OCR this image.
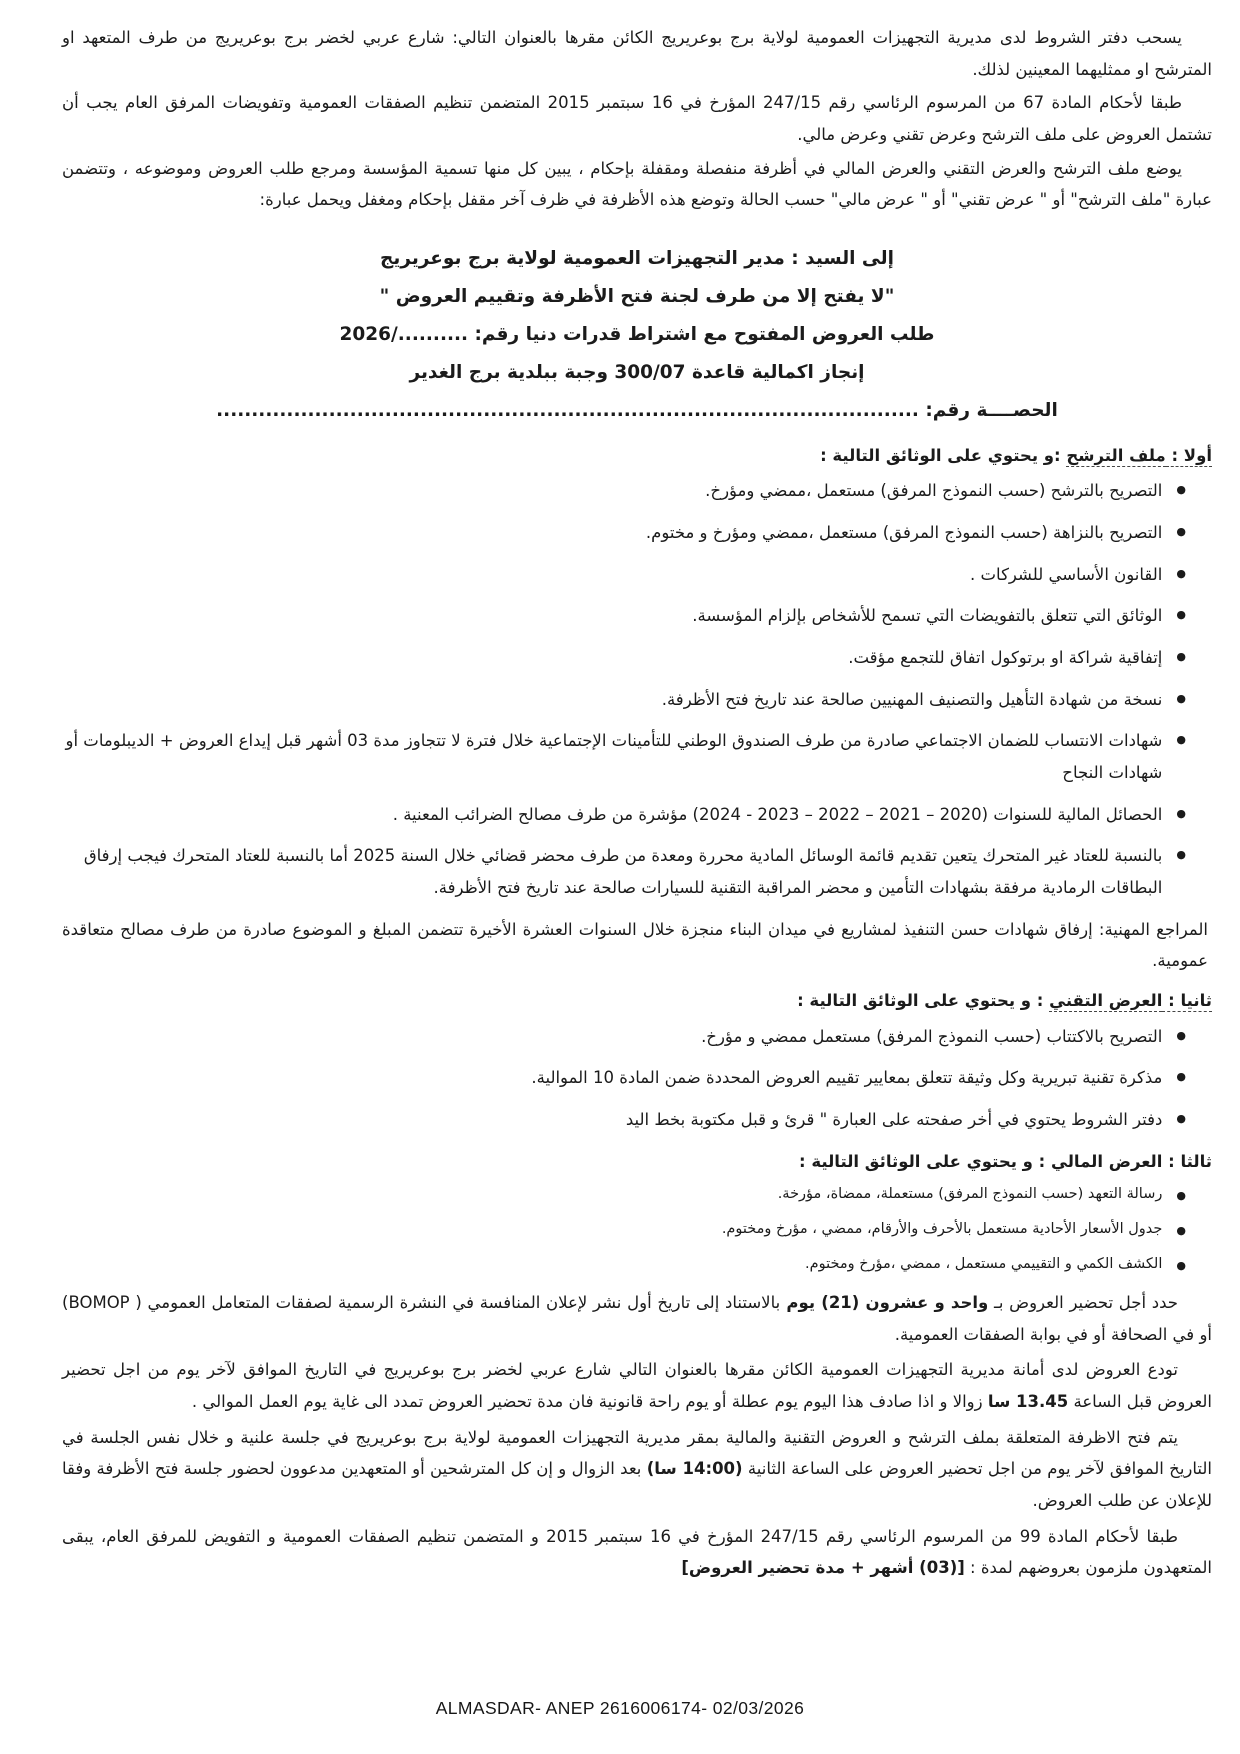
يسحب دفتر الشروط لدى مديرية التجهيزات العمومية لولاية برج بوعريريج الكائن مقرها بالعنوان التالي: شارع عربي لخضر برج بوعريريج من طرف المتعهد او المترشح او ممثليهما المعينين لذلك.

طبقا لأحكام المادة 67 من المرسوم الرئاسي رقم 247/15 المؤرخ في 16 سبتمبر 2015 المتضمن تنظيم الصفقات العمومية وتفويضات المرفق العام يجب أن تشتمل العروض على ملف الترشح وعرض تقني وعرض مالي.

يوضع ملف الترشح والعرض التقني والعرض المالي في أظرفة منفصلة ومقفلة بإحكام ، يبين كل منها تسمية المؤسسة ومرجع طلب العروض وموضوعه ، وتتضمن عبارة "ملف الترشح" أو " عرض تقني" أو " عرض مالي" حسب الحالة وتوضع هذه الأظرفة في ظرف آخر مقفل بإحكام ومغفل ويحمل عبارة:

إلى السيد : مدير التجهيزات العمومية لولاية برج بوعريريج
"لا يفتح إلا من طرف لجنة فتح الأظرفة وتقييم العروض "
طلب العروض المفتوح مع اشتراط قدرات دنيا رقم: ........../2026
إنجاز اكمالية قاعدة 300/07 وجبة ببلدية برج الغدير
الحصــــة رقم: ....................................................................................................
أولا : ملف الترشح :و يحتوي على الوثائق التالية :
●
التصريح بالترشح (حسب النموذج المرفق) مستعمل ،ممضي ومؤرخ.
●
التصريح بالنزاهة (حسب النموذج المرفق) مستعمل ،ممضي ومؤرخ و مختوم.
●
القانون الأساسي للشركات .
●
الوثائق التي تتعلق بالتفويضات التي تسمح للأشخاص بإلزام المؤسسة.
●
إتفاقية شراكة او برتوكول اتفاق للتجمع مؤقت.
●
نسخة من شهادة التأهيل والتصنيف المهنيين صالحة عند تاريخ فتح الأظرفة.
●
شهادات الانتساب للضمان الاجتماعي صادرة من طرف الصندوق الوطني للتأمينات الإجتماعية خلال فترة لا تتجاوز مدة 03 أشهر قبل إيداع العروض + الديبلومات أو شهادات النجاح
●
الحصائل المالية للسنوات (2020 – 2021 – 2022 – 2023 - 2024) مؤشرة من طرف مصالح الضرائب المعنية .
●
بالنسبة للعتاد غير المتحرك يتعين تقديم قائمة الوسائل المادية محررة ومعدة من طرف محضر قضائي خلال السنة 2025 أما بالنسبة للعتاد المتحرك فيجب إرفاق البطاقات الرمادية مرفقة بشهادات التأمين و محضر المراقبة التقنية للسيارات صالحة عند تاريخ فتح الأظرفة.

المراجع المهنية: إرفاق شهادات حسن التنفيذ لمشاريع في ميدان البناء منجزة خلال السنوات العشرة الأخيرة تتضمن المبلغ و الموضوع صادرة من طرف مصالح متعاقدة عمومية.

ثانيا : العرض التقني : و يحتوي على الوثائق التالية :
●
التصريح بالاكتتاب (حسب النموذج المرفق) مستعمل ممضي و مؤرخ.
●
مذكرة تقنية تبريرية وكل وثيقة تتعلق بمعايير تقييم العروض المحددة ضمن المادة 10 الموالية.
●
دفتر الشروط يحتوي في أخر صفحته على العبارة " قرئ و قبل مكتوبة بخط اليد
ثالثا : العرض المالي : و يحتوي على الوثائق التالية :
●
رسالة التعهد (حسب النموذج المرفق) مستعملة، ممضاة، مؤرخة.
●
جدول الأسعار الأحادية مستعمل بالأحرف والأرقام، ممضي ، مؤرخ ومختوم.
●
الكشف الكمي و التقييمي مستعمل ، ممضي ،مؤرخ ومختوم.

حدد أجل تحضير العروض بـ واحد و عشرون (21) يوم بالاستناد إلى تاريخ أول نشر لإعلان المنافسة في النشرة الرسمية لصفقات المتعامل العمومي ( BOMOP) أو في الصحافة أو في بوابة الصفقات العمومية.

تودع العروض لدى أمانة مديرية التجهيزات العمومية الكائن مقرها بالعنوان التالي شارع عربي لخضر برج بوعريريج في التاريخ الموافق لآخر يوم من اجل تحضير العروض قبل الساعة 13.45 سا زوالا و اذا صادف هذا اليوم يوم عطلة أو يوم راحة قانونية فان مدة تحضير العروض تمدد الى غاية يوم العمل الموالي .

يتم فتح الاظرفة المتعلقة بملف الترشح و العروض التقنية والمالية بمقر مديرية التجهيزات العمومية لولاية برج بوعريريج في جلسة علنية و خلال نفس الجلسة في التاريخ الموافق لآخر يوم من اجل تحضير العروض على الساعة الثانية (14:00 سا) بعد الزوال و إن كل المترشحين أو المتعهدين مدعوون لحضور جلسة فتح الأظرفة وفقا للإعلان عن طلب العروض.

طبقا لأحكام المادة 99 من المرسوم الرئاسي رقم 247/15 المؤرخ في 16 سبتمبر 2015 و المتضمن تنظيم الصفقات العمومية و التفويض للمرفق العام، يبقى المتعهدون ملزمون بعروضهم لمدة : [(03) أشهر + مدة تحضير العروض]

ALMASDAR- ANEP 2616006174- 02/03/2026
